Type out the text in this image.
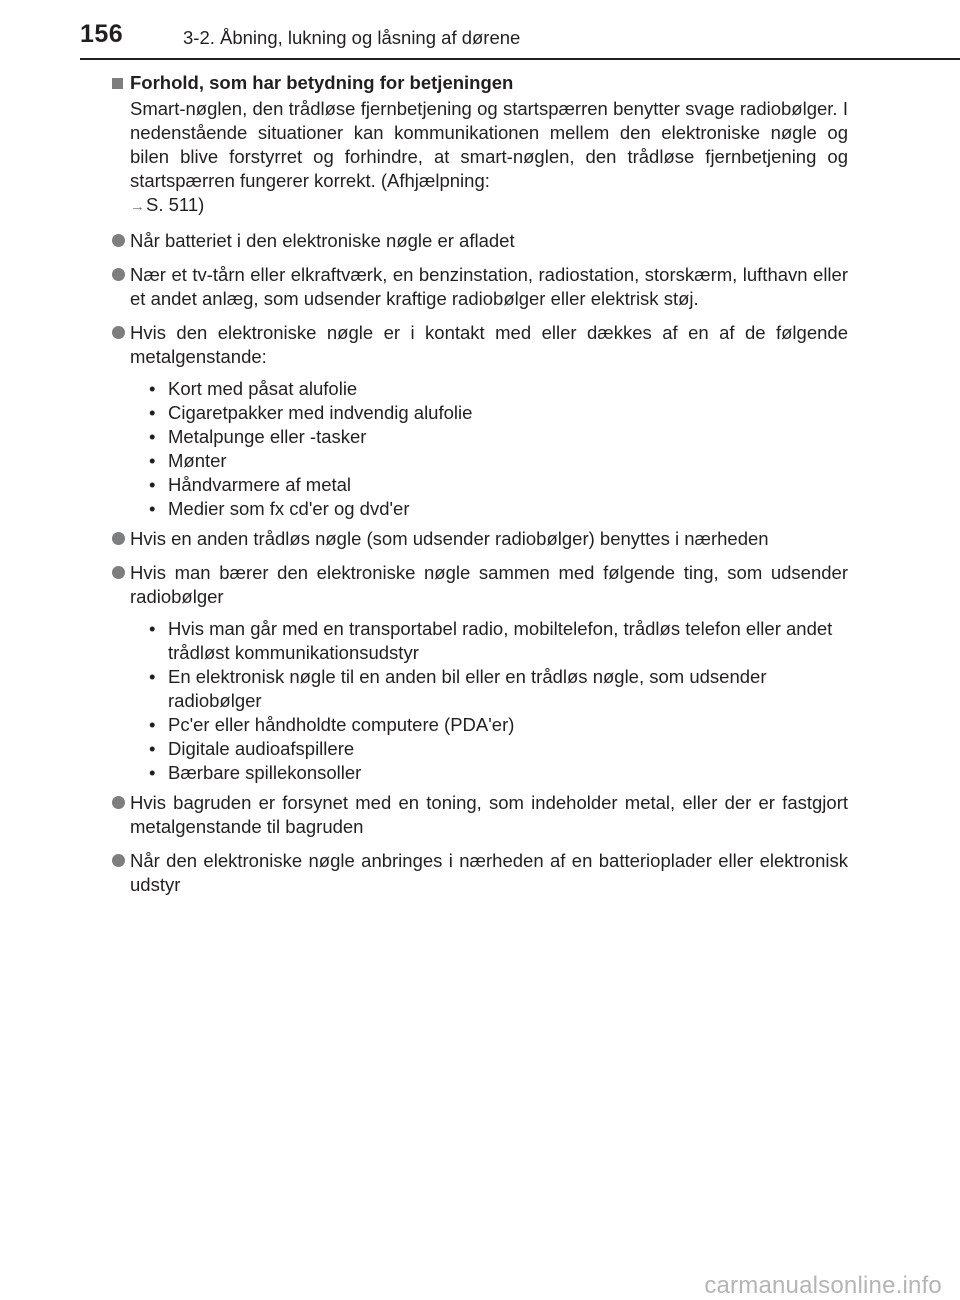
156	3-2. Åbning, lukning og låsning af dørene
Forhold, som har betydning for betjeningen
Smart-nøglen, den trådløse fjernbetjening og startspærren benytter svage radiobølger. I nedenstående situationer kan kommunikationen mellem den elektroniske nøgle og bilen blive forstyrret og forhindre, at smart-nøglen, den trådløse fjernbetjening og startspærren fungerer korrekt. (Afhjælpning:
→S. 511)
Når batteriet i den elektroniske nøgle er afladet
Nær et tv-tårn eller elkraftværk, en benzinstation, radiostation, storskærm, lufthavn eller et andet anlæg, som udsender kraftige radiobølger eller elektrisk støj.
Hvis den elektroniske nøgle er i kontakt med eller dækkes af en af de følgende metalgenstande:
• Kort med påsat alufolie
• Cigaretpakker med indvendig alufolie
• Metalpunge eller -tasker
• Mønter
• Håndvarmere af metal
• Medier som fx cd'er og dvd'er
Hvis en anden trådløs nøgle (som udsender radiobølger) benyttes i nærheden
Hvis man bærer den elektroniske nøgle sammen med følgende ting, som udsender radiobølger
• Hvis man går med en transportabel radio, mobiltelefon, trådløs telefon eller andet trådløst kommunikationsudstyr
• En elektronisk nøgle til en anden bil eller en trådløs nøgle, som udsender radiobølger
• Pc'er eller håndholdte computere (PDA'er)
• Digitale audioafspillere
• Bærbare spillekonsoller
Hvis bagruden er forsynet med en toning, som indeholder metal, eller der er fastgjort metalgenstande til bagruden
Når den elektroniske nøgle anbringes i nærheden af en batterioplader eller elektronisk udstyr
carmanualsonline.info
